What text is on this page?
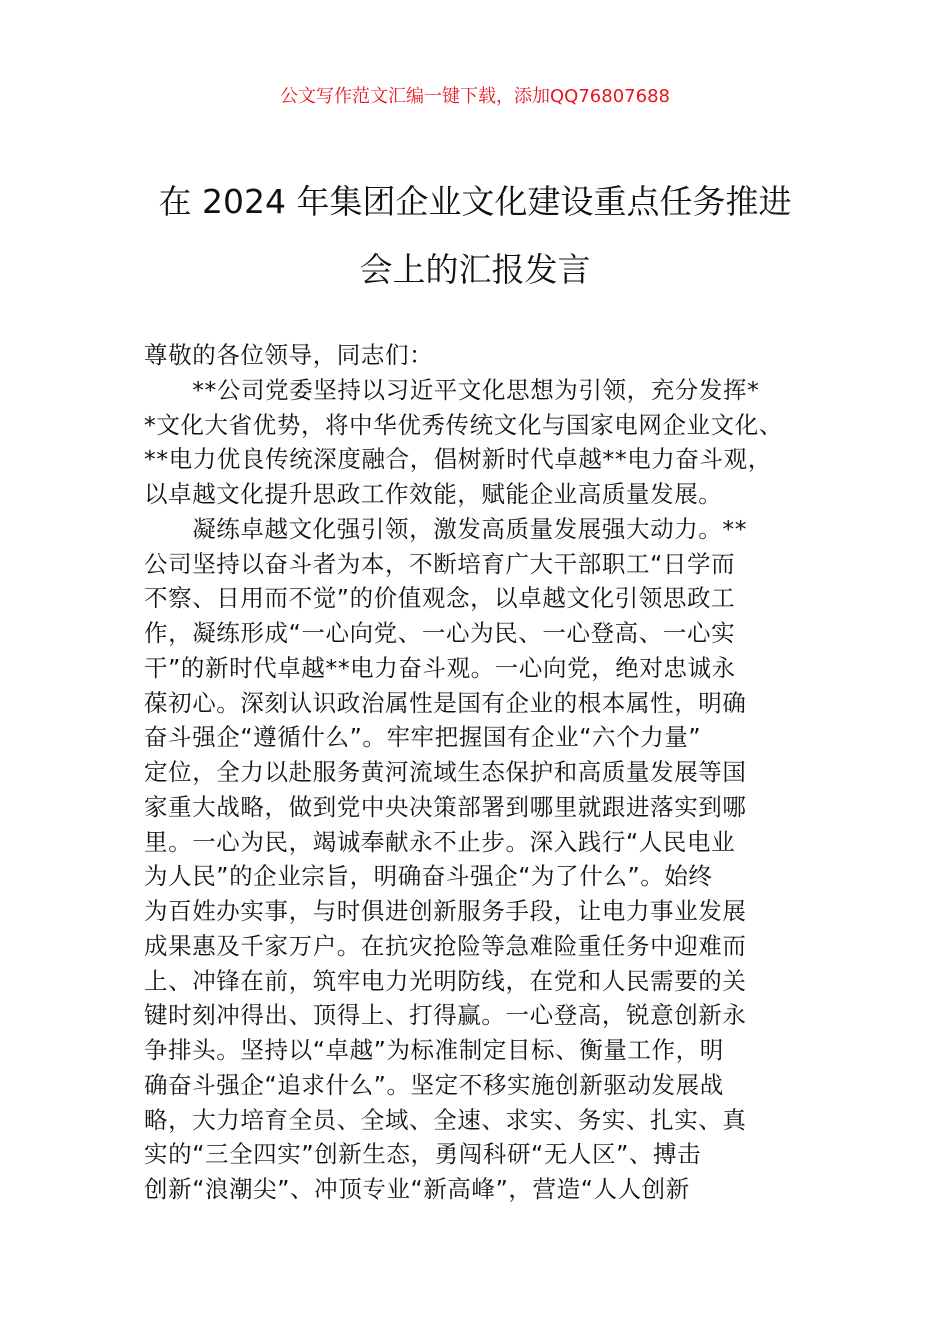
公文写作范文汇编一键下载，添加QQ76807688
在 2024 年集团企业文化建设重点任务推进
会上的汇报发言
尊敬的各位领导，同志们：
　　**公司党委坚持以习近平文化思想为引领，充分发挥*
*文化大省优势，将中华优秀传统文化与国家电网企业文化、
**电力优良传统深度融合，倡树新时代卓越**电力奋斗观，
以卓越文化提升思政工作效能，赋能企业高质量发展。
　　凝练卓越文化强引领，激发高质量发展强大动力。**
公司坚持以奋斗者为本，不断培育广大干部职工“日学而
不察、日用而不觉”的价值观念，以卓越文化引领思政工
作，凝练形成“一心向党、一心为民、一心登高、一心实
干”的新时代卓越**电力奋斗观。一心向党，绝对忠诚永
葆初心。深刻认识政治属性是国有企业的根本属性，明确
奋斗强企“遵循什么”。牢牢把握国有企业“六个力量”
定位，全力以赴服务黄河流域生态保护和高质量发展等国
家重大战略，做到党中央决策部署到哪里就跟进落实到哪
里。一心为民，竭诚奉献永不止步。深入践行“人民电业
为人民”的企业宗旨，明确奋斗强企“为了什么”。始终
为百姓办实事，与时俱进创新服务手段，让电力事业发展
成果惠及千家万户。在抗灾抢险等急难险重任务中迎难而
上、冲锋在前，筑牢电力光明防线，在党和人民需要的关
键时刻冲得出、顶得上、打得赢。一心登高，锐意创新永
争排头。坚持以“卓越”为标准制定目标、衡量工作，明
确奋斗强企“追求什么”。坚定不移实施创新驱动发展战
略，大力培育全员、全域、全速、求实、务实、扎实、真
实的“三全四实”创新生态，勇闯科研“无人区”、搏击
创新“浪潮尖”、冲顶专业“新高峰”，营造“人人创新
